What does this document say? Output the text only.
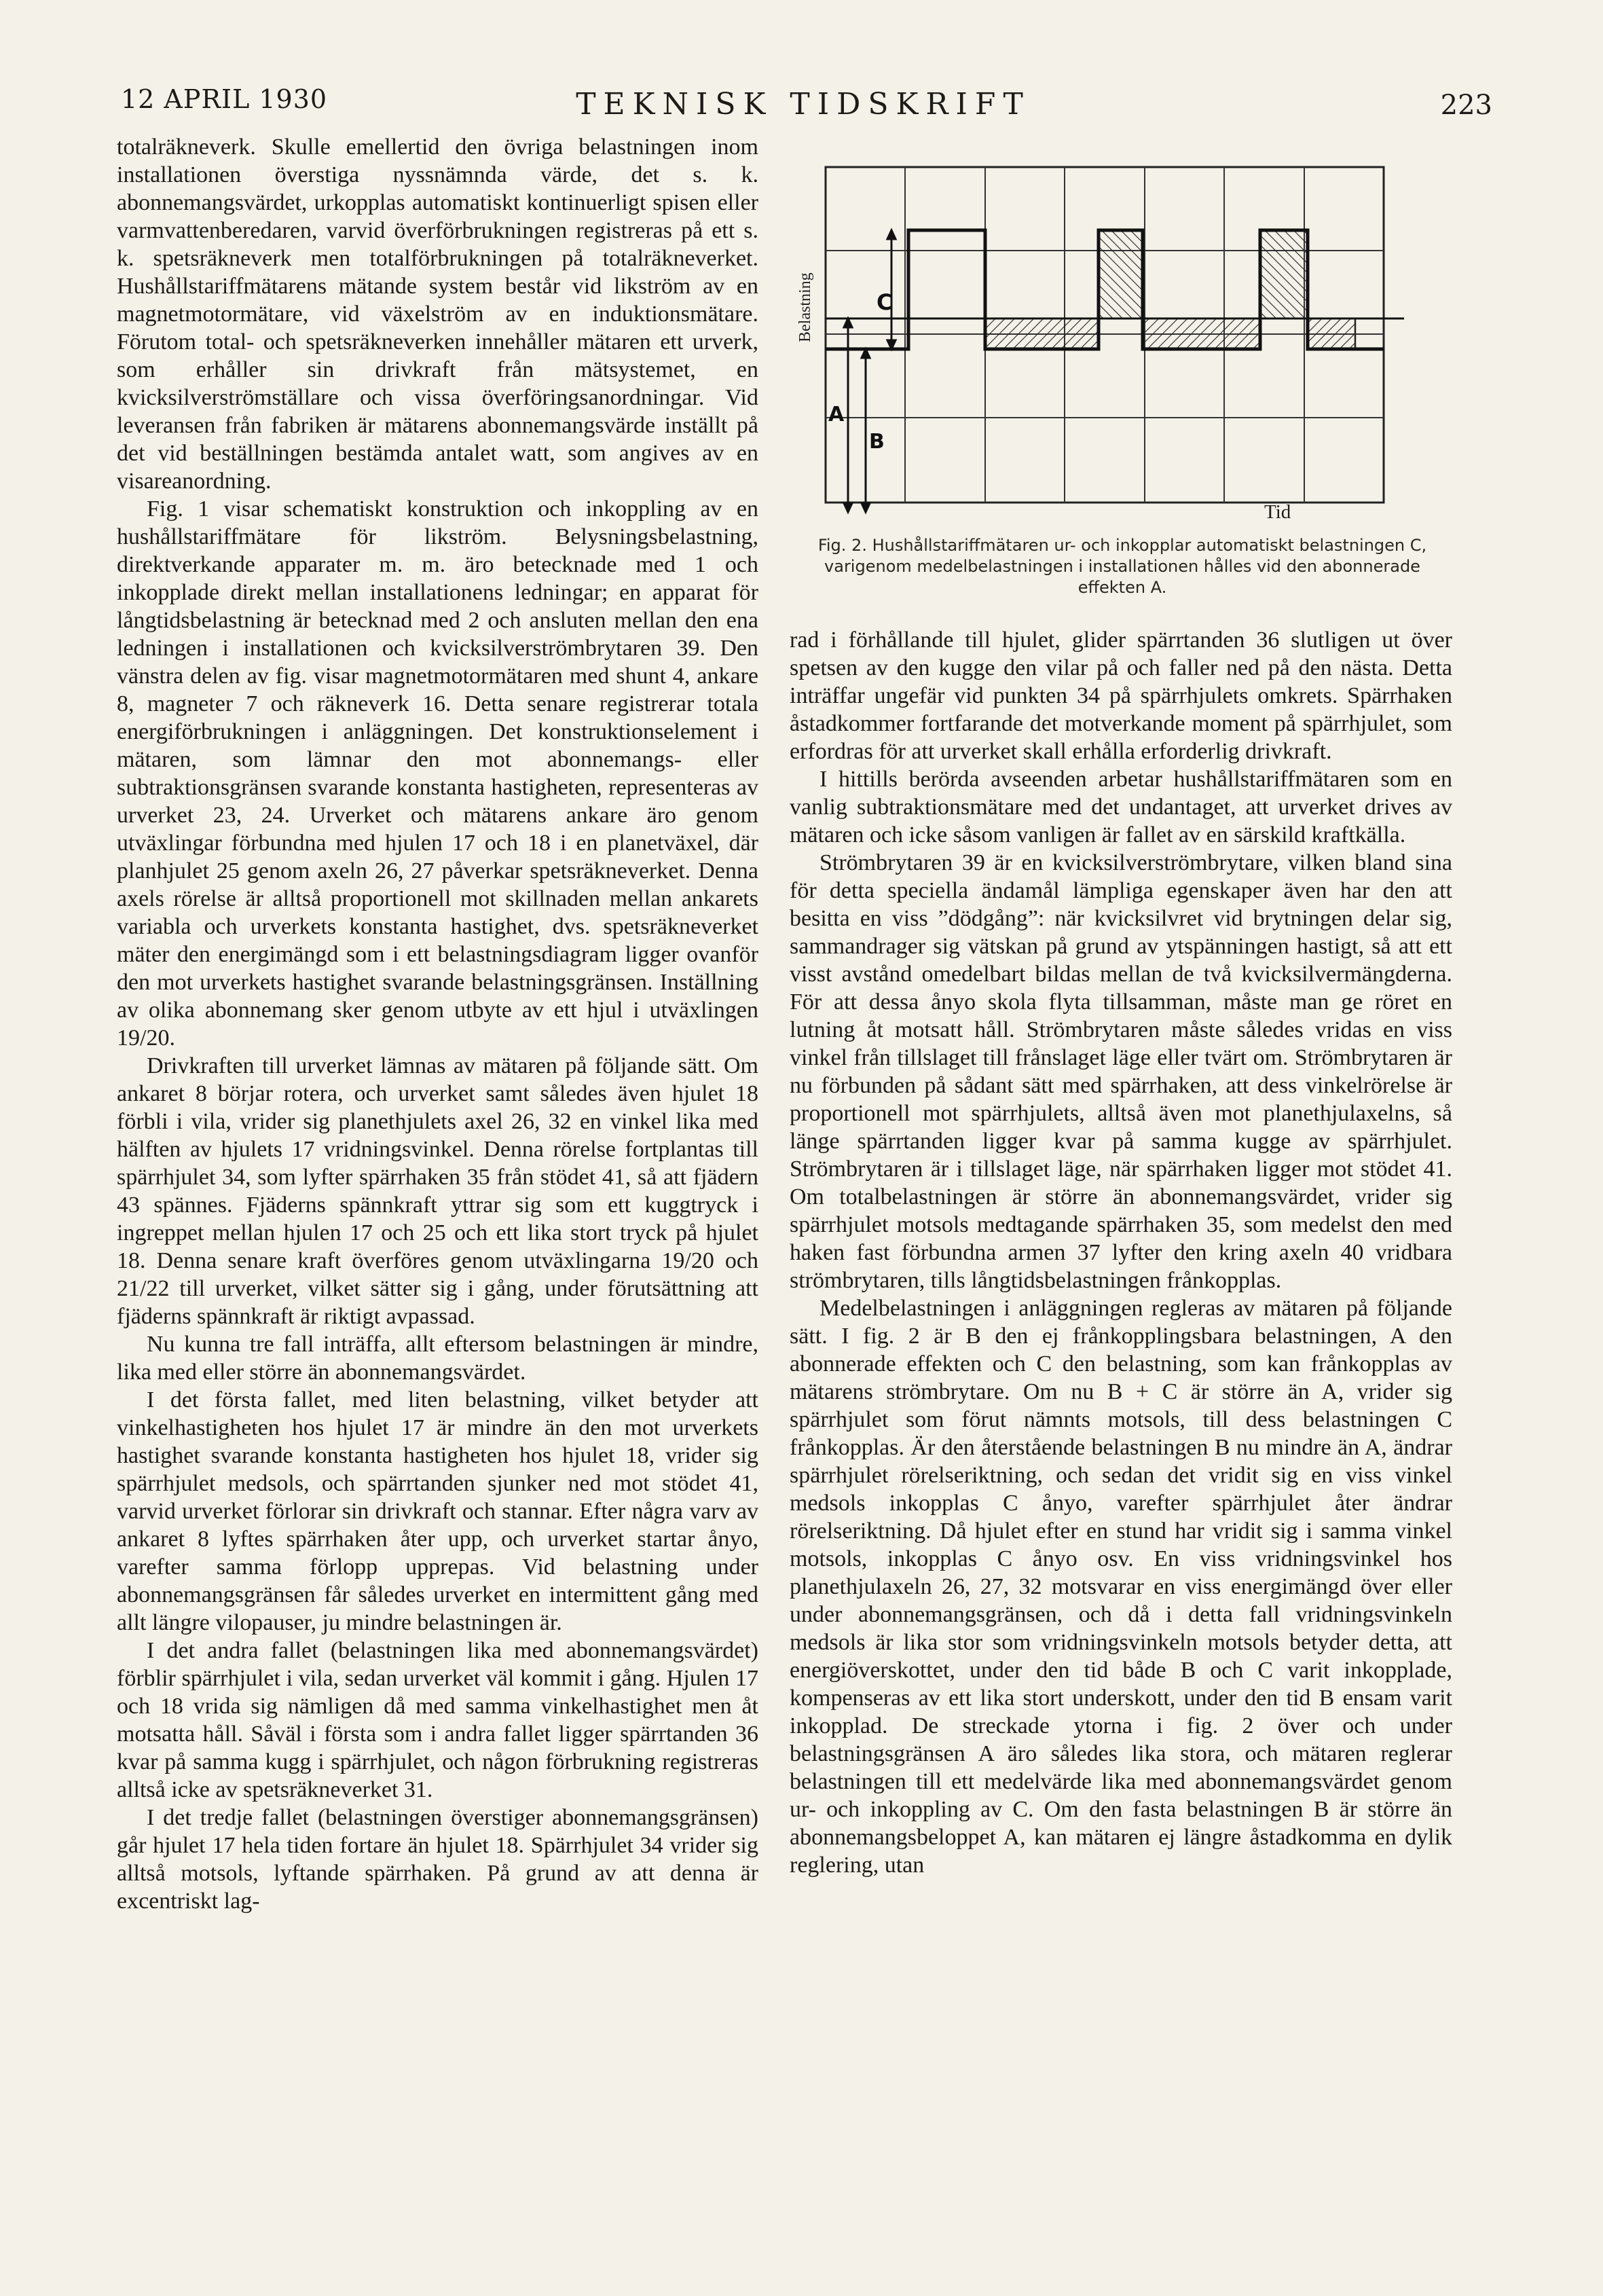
12 APRIL 1930	TEKNISK TIDSKRIFT	223

totalräkneverk. Skulle emellertid den övriga belastningen inom installationen överstiga nyssnämnda värde, det s. k. abonnemangsvärdet, urkopplas automatiskt kontinuerligt spisen eller varmvattenberedaren, varvid överförbrukningen registreras på ett s. k. spetsräkneverk men totalförbrukningen på totalräkneverket. Hushållstariffmätarens mätande system består vid likström av en magnetmotormätare, vid växelström av en induktionsmätare. Förutom total- och spetsräkneverken innehåller mätaren ett urverk, som erhåller sin drivkraft från mätsystemet, en kvicksilverströmställare och vissa överföringsanordningar. Vid leveransen från fabriken är mätarens abonnemangsvärde inställt på det vid beställningen bestämda antalet watt, som angives av en visareanordning.

Fig. 1 visar schematiskt konstruktion och inkoppling av en hushållstariffmätare för likström. Belysningsbelastning, direktverkande apparater m. m. äro betecknade med 1 och inkopplade direkt mellan installationens ledningar; en apparat för långtidsbelastning är betecknad med 2 och ansluten mellan den ena ledningen i installationen och kvicksilverströmbrytaren 39. Den vänstra delen av fig. visar magnetmotormätaren med shunt 4, ankare 8, magneter 7 och räkneverk 16. Detta senare registrerar totala energiförbrukningen i anläggningen. Det konstruktionselement i mätaren, som lämnar den mot abonnemangs- eller subtraktionsgränsen svarande konstanta hastigheten, representeras av urverket 23, 24. Urverket och mätarens ankare äro genom utväxlingar förbundna med hjulen 17 och 18 i en planetväxel, där planhjulet 25 genom axeln 26, 27 påverkar spetsräkneverket. Denna axels rörelse är alltså proportionell mot skillnaden mellan ankarets variabla och urverkets konstanta hastighet, dvs. spetsräkneverket mäter den energimängd som i ett belastningsdiagram ligger ovanför den mot urverkets hastighet svarande belastningsgränsen. Inställning av olika abonnemang sker genom utbyte av ett hjul i utväxlingen 19/20.

Drivkraften till urverket lämnas av mätaren på följande sätt. Om ankaret 8 börjar rotera, och urverket samt således även hjulet 18 förbli i vila, vrider sig planethjulets axel 26, 32 en vinkel lika med hälften av hjulets 17 vridningsvinkel. Denna rörelse fortplantas till spärrhjulet 34, som lyfter spärrhaken 35 från stödet 41, så att fjädern 43 spännes. Fjäderns spännkraft yttrar sig som ett kuggtryck i ingreppet mellan hjulen 17 och 25 och ett lika stort tryck på hjulet 18. Denna senare kraft överföres genom utväxlingarna 19/20 och 21/22 till urverket, vilket sätter sig i gång, under förutsättning att fjäderns spännkraft är riktigt avpassad.

Nu kunna tre fall inträffa, allt eftersom belastningen är mindre, lika med eller större än abonnemangsvärdet.

I det första fallet, med liten belastning, vilket betyder att vinkelhastigheten hos hjulet 17 är mindre än den mot urverkets hastighet svarande konstanta hastigheten hos hjulet 18, vrider sig spärrhjulet medsols, och spärrtanden sjunker ned mot stödet 41, varvid urverket förlorar sin drivkraft och stannar. Efter några varv av ankaret 8 lyftes spärrhaken åter upp, och urverket startar ånyo, varefter samma förlopp upprepas. Vid belastning under abonnemangsgränsen får således urverket en intermittent gång med allt längre vilopauser, ju mindre belastningen är.

I det andra fallet (belastningen lika med abonnemangsvärdet) förblir spärrhjulet i vila, sedan urverket väl kommit i gång. Hjulen 17 och 18 vrida sig nämligen då med samma vinkelhastighet men åt motsatta håll. Såväl i första som i andra fallet ligger spärrtanden 36 kvar på samma kugg i spärrhjulet, och någon förbrukning registreras alltså icke av spetsräkneverket 31.

I det tredje fallet (belastningen överstiger abonnemangsgränsen) går hjulet 17 hela tiden fortare än hjulet 18. Spärrhjulet 34 vrider sig alltså motsols, lyftande spärrhaken. På grund av att denna är excentriskt lag-

C
A
B
Belastning
Tid
Fig. 2. Hushållstariffmätaren ur- och inkopplar automatiskt belastningen C, varigenom medelbelastningen i installationen hålles vid den abonnerade effekten A.

rad i förhållande till hjulet, glider spärrtanden 36 slutligen ut över spetsen av den kugge den vilar på och faller ned på den nästa. Detta inträffar ungefär vid punkten 34 på spärrhjulets omkrets. Spärrhaken åstadkommer fortfarande det motverkande moment på spärrhjulet, som erfordras för att urverket skall erhålla erforderlig drivkraft.

I hittills berörda avseenden arbetar hushållstariffmätaren som en vanlig subtraktionsmätare med det undantaget, att urverket drives av mätaren och icke såsom vanligen är fallet av en särskild kraftkälla.

Strömbrytaren 39 är en kvicksilverströmbrytare, vilken bland sina för detta speciella ändamål lämpliga egenskaper även har den att besitta en viss ”dödgång”: när kvicksilvret vid brytningen delar sig, sammandrager sig vätskan på grund av ytspänningen hastigt, så att ett visst avstånd omedelbart bildas mellan de två kvicksilvermängderna. För att dessa ånyo skola flyta tillsamman, måste man ge röret en lutning åt motsatt håll. Strömbrytaren måste således vridas en viss vinkel från tillslaget till frånslaget läge eller tvärt om. Strömbrytaren är nu förbunden på sådant sätt med spärrhaken, att dess vinkelrörelse är proportionell mot spärrhjulets, alltså även mot planethjulaxelns, så länge spärrtanden ligger kvar på samma kugge av spärrhjulet. Strömbrytaren är i tillslaget läge, när spärrhaken ligger mot stödet 41. Om totalbelastningen är större än abonnemangsvärdet, vrider sig spärrhjulet motsols medtagande spärrhaken 35, som medelst den med haken fast förbundna armen 37 lyfter den kring axeln 40 vridbara strömbrytaren, tills långtidsbelastningen frånkopplas.

Medelbelastningen i anläggningen regleras av mätaren på följande sätt. I fig. 2 är B den ej frånkopplingsbara belastningen, A den abonnerade effekten och C den belastning, som kan frånkopplas av mätarens strömbrytare. Om nu B + C är större än A, vrider sig spärrhjulet som förut nämnts motsols, till dess belastningen C frånkopplas. Är den återstående belastningen B nu mindre än A, ändrar spärrhjulet rörelseriktning, och sedan det vridit sig en viss vinkel medsols inkopplas C ånyo, varefter spärrhjulet åter ändrar rörelseriktning. Då hjulet efter en stund har vridit sig i samma vinkel motsols, inkopplas C ånyo osv. En viss vridningsvinkel hos planethjulaxeln 26, 27, 32 motsvarar en viss energimängd över eller under abonnemangsgränsen, och då i detta fall vridningsvinkeln medsols är lika stor som vridningsvinkeln motsols betyder detta, att energiöverskottet, under den tid både B och C varit inkopplade, kompenseras av ett lika stort underskott, under den tid B ensam varit inkopplad. De streckade ytorna i fig. 2 över och under belastningsgränsen A äro således lika stora, och mätaren reglerar belastningen till ett medelvärde lika med abonnemangsvärdet genom ur- och inkoppling av C. Om den fasta belastningen B är större än abonnemangsbeloppet A, kan mätaren ej längre åstadkomma en dylik reglering, utan
